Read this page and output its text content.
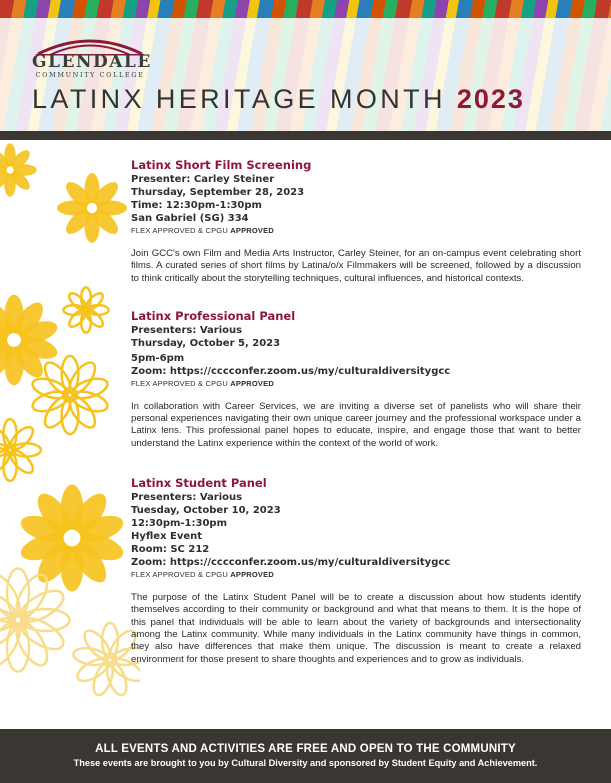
GLENDALE
COMMUNITY COLLEGE
LATINX HERITAGE MONTH 2023
Latinx Short Film Screening
Presenter: Carley Steiner
Thursday, September 28, 2023
Time: 12:30pm-1:30pm
San Gabriel (SG) 334
FLEX APPROVED & CPGU APPROVED
Join GCC's own Film and Media Arts Instructor, Carley Steiner, for an on-campus event celebrating short films. A curated series of short films by Latina/o/x Filmmakers will be screened, followed by a discussion to think critically about the storytelling techniques, cultural influences, and historical contexts.
Latinx Professional Panel
Presenters: Various
Thursday, October 5, 2023
5pm-6pm
Zoom: https://cccconfer.zoom.us/my/culturaldiversitygcc
FLEX APPROVED & CPGU APPROVED
In collaboration with Career Services, we are inviting a diverse set of panelists who will share their personal experiences navigating their own unique career journey and the professional workspace under a Latinx lens. This professional panel hopes to educate, inspire, and engage those that want to better understand the Latinx experience within the context of the world of work.
Latinx Student Panel
Presenters: Various
Tuesday, October 10, 2023
12:30pm-1:30pm
Hyflex Event
Room: SC 212
Zoom: https://cccconfer.zoom.us/my/culturaldiversitygcc
FLEX APPROVED & CPGU APPROVED
The purpose of the Latinx Student Panel will be to create a discussion about how students identify themselves according to their community or background and what that means to them. It is the hope of this panel that individuals will be able to learn about the variety of backgrounds and intersectionality among the Latinx community. While many individuals in the Latinx community have things in common, they also have differences that make them unique. The discussion is meant to create a relaxed environment for those present to share thoughts and experiences and to grow as individuals.
ALL EVENTS AND ACTIVITIES ARE FREE AND OPEN TO THE COMMUNITY
These events are brought to you by Cultural Diversity and sponsored by Student Equity and Achievement.
